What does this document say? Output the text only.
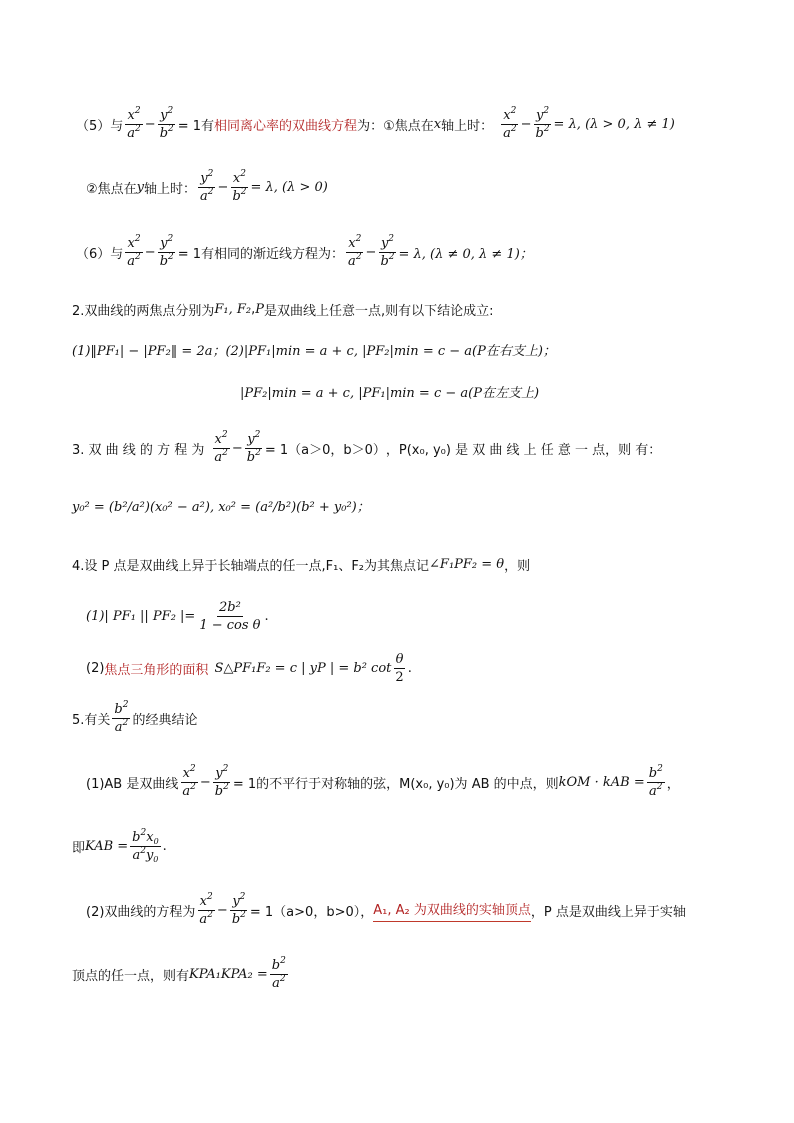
（5）与
$x^2$
$a^2 - \frac{y^2}{b^2} = 1$有 相同离心率的双曲线方程 为：①焦点在 x 轴上时：
$x^2$
$a^2 - \frac{y^2}{b^2} = \lambda$, (λ > 0, λ ≠ 1)
②焦点在 y 轴上时：
$y^2$
$a^2 - \frac{x^2}{b^2} = \lambda$, (λ > 0)
（6）与
$x^2$
$a^2 - \frac{y^2}{b^2} = 1$有相同的渐近线方程为：
$x^2$
$a^2 - \frac{y^2}{b^2} = \lambda$, (λ ≠ 0, λ ≠ 1)；
2.双曲线的两焦点分别为 F₁, F₂ , P 是双曲线上任意一点,则有以下结论成立:
(1)‖PF₁| − |PF₂‖ = 2a；(2)|PF₁|min = a + c, |PF₂|min = c − a(P在右支上)；
|PF₂|min = a + c, |PF₁|min = c − a(P在左支上)
3. 双 曲 线 的 方 程 为
$x^2$
$a^2 - \frac{y^2}{b^2} = 1(a>0$，b＞0） ，P(x₀, y₀) 是 双 曲 线 上 任 意 一 点，则 有：
y₀² = (b²/a²)(x₀² − a²), x₀² = (a²/b²)(b² + y₀²)；
4.设 P 点是双曲线上异于长轴端点的任一点,F₁、F₂为其焦点记 ∠F₁PF₂ = θ ，则
(1)| PF₁ || PF₂ |= $\frac{\text{2b²}}{\text{1 − cos θ}}$ .
(2) 焦点三角形的面积 S△PF₁F₂ = c | yP | = b² cot
θ
2
.
5.有关
$b^2$
$a^2$ 的经典结论
(1)AB 是双曲线
$x^2$
$a^2 - \frac{y^2}{b^2} = 1$的不平行于对称轴的弦，M(x₀, y₀)为 AB 的中点，则 kOM · kAB = $\frac{b^2}{a^2}$ ，
即 KAB = $\frac{b^2x_0}{a^2y_0}$ .
(2)双曲线的方程为
$x^2$
$a^2 - \frac{y^2}{b^2} = 1(a>0$，b>0）， A₁, A₂ 为双曲线的实轴顶点 ，P 点是双曲线上异于实轴
顶点的任一点，则有 $KPA_1KPA_2 = \frac{b^2}{a^2}$
